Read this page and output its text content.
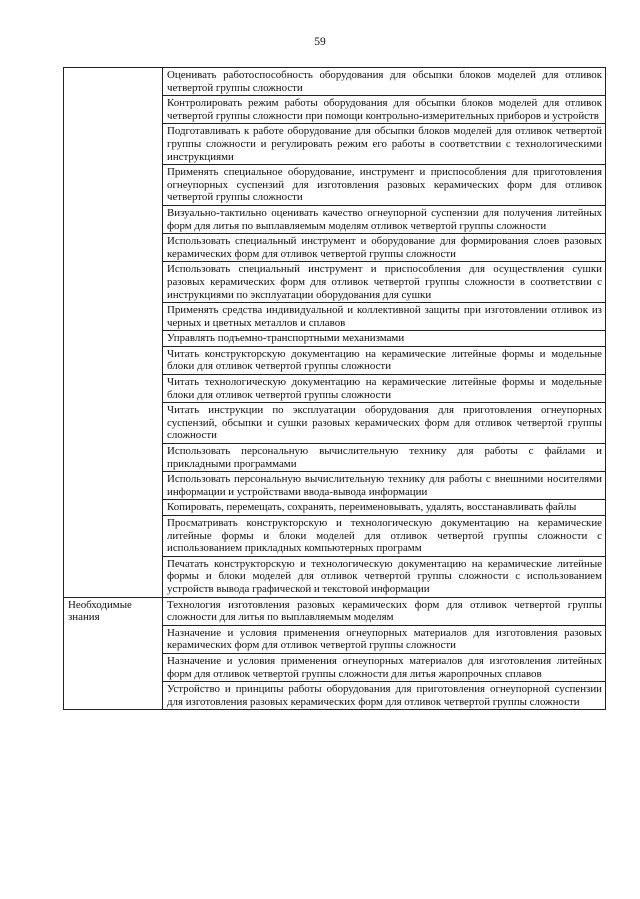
59
	Оценивать работоспособность оборудования для обсыпки блоков моделей для отливок четвертой группы сложности
	Контролировать режим работы оборудования для обсыпки блоков моделей для отливок четвертой группы сложности при помощи контрольно-измерительных приборов и устройств
	Подготавливать к работе оборудование для обсыпки блоков моделей для отливок четвертой группы сложности и регулировать режим его работы в соответствии с технологическими инструкциями
	Применять специальное оборудование, инструмент и приспособления для приготовления огнеупорных суспензий для изготовления разовых керамических форм для отливок четвертой группы сложности
	Визуально-тактильно оценивать качество огнеупорной суспензии для получения литейных форм для литья по выплавляемым моделям отливок четвертой группы сложности
	Использовать специальный инструмент и оборудование для формирования слоев разовых керамических форм для отливок четвертой группы сложности
	Использовать специальный инструмент и приспособления для осуществления сушки разовых керамических форм для отливок четвертой группы сложности в соответствии с инструкциями по эксплуатации оборудования для сушки
	Применять средства индивидуальной и коллективной защиты при изготовлении отливок из черных и цветных металлов и сплавов
	Управлять подъемно-транспортными механизмами
	Читать конструкторскую документацию на керамические литейные формы и модельные блоки для отливок четвертой группы сложности
	Читать технологическую документацию на керамические литейные формы и модельные блоки для отливок четвертой группы сложности
	Читать инструкции по эксплуатации оборудования для приготовления огнеупорных суспензий, обсыпки и сушки разовых керамических форм для отливок четвертой группы сложности
	Использовать персональную вычислительную технику для работы с файлами и прикладными программами
	Использовать персональную вычислительную технику для работы с внешними носителями информации и устройствами ввода-вывода информации
	Копировать, перемещать, сохранять, переименовывать, удалять, восстанавливать файлы
	Просматривать конструкторскую и технологическую документацию на керамические литейные формы и блоки моделей для отливок четвертой группы сложности с использованием прикладных компьютерных программ
	Печатать конструкторскую и технологическую документацию на керамические литейные формы и блоки моделей для отливок четвертой группы сложности с использованием устройств вывода графической и текстовой информации
Необходимые знания	Технология изготовления разовых керамических форм для отливок четвертой группы сложности для литья по выплавляемым моделям
	Назначение и условия применения огнеупорных материалов для изготовления разовых керамических форм для отливок четвертой группы сложности
	Назначение и условия применения огнеупорных материалов для изготовления литейных форм для отливок четвертой группы сложности для литья жаропрочных сплавов
	Устройство и принципы работы оборудования для приготовления огнеупорной суспензии для изготовления разовых керамических форм для отливок четвертой группы сложности
